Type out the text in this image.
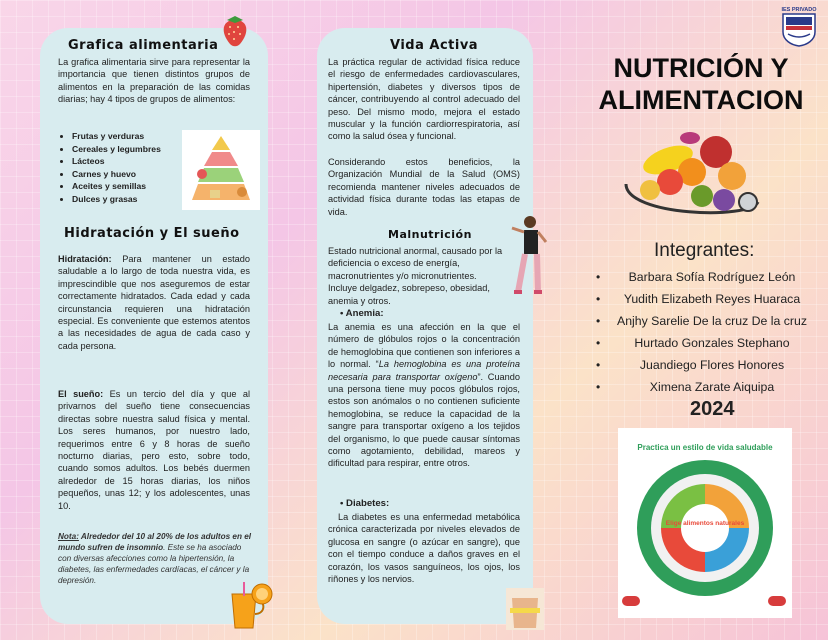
Grafica alimentaria
La grafica alimentaria sirve para representar la importancia que tienen distintos grupos de alimentos en la preparación de las comidas diarias; hay 4 tipos de grupos de alimentos:
• Frutas y verduras
• Cereales y legumbres
• Lácteos
• Carnes y huevo
• Aceites y semillas
• Dulces y grasas
Hidratación y El sueño
Hidratación: Para mantener un estado saludable a lo largo de toda nuestra vida, es imprescindible que nos aseguremos de estar correctamente hidratados. Cada edad y cada circunstancia requieren una hidratación especial. Es conveniente que estemos atentos a las necesidades de agua de cada caso y cada persona.
El sueño: Es un tercio del día y que al privarnos del sueño tiene consecuencias directas sobre nuestra salud física y mental. Los seres humanos, por nuestro lado, requerimos entre 6 y 8 horas de sueño nocturno diarias, pero esto, sobre todo, cuando somos adultos. Los bebés duermen alrededor de 15 horas diarias, los niños pequeños, unas 12; y los adolescentes, unas 10.
Nota: Alrededor del 10 al 20% de los adultos en el mundo sufren de insomnio. Este se ha asociado con diversas afecciones como la hipertensión, la diabetes, las enfermedades cardíacas, el cáncer y la depresión.
Vida Activa
La práctica regular de actividad física reduce el riesgo de enfermedades cardiovasculares, hipertensión, diabetes y diversos tipos de cáncer, contribuyendo al control adecuado del peso. Del mismo modo, mejora el estado muscular y la función cardiorrespiratoria, así como la salud ósea y funcional.
Considerando estos beneficios, la Organización Mundial de la Salud (OMS) recomienda mantener niveles adecuados de actividad física durante todas las etapas de vida.
Malnutrición
Estado nutricional anormal, causado por la deficiencia o exceso de energía, macronutrientes y/o micronutrientes. Incluye delgadez, sobrepeso, obesidad, anemia y otros.
• Anemia:
La anemia es una afección en la que el número de glóbulos rojos o la concentración de hemoglobina que contienen son inferiores a lo normal. “La hemoglobina es una proteína necesaria para transportar oxígeno”. Cuando una persona tiene muy pocos glóbulos rojos, estos son anómalos o no contienen suficiente hemoglobina, se reduce la capacidad de la sangre para transportar oxígeno a los tejidos del organismo, lo que puede causar síntomas como agotamiento, debilidad, mareos y dificultad para respirar, entre otros.
• Diabetes:
La diabetes es una enfermedad metabólica crónica caracterizada por niveles elevados de glucosa en sangre (o azúcar en sangre), que con el tiempo conduce a daños graves en el corazón, los vasos sanguíneos, los ojos, los riñones y los nervios.
IES PRIVADO
NUTRICIÓN Y ALIMENTACION
Integrantes:
• Barbara Sofía Rodríguez León
• Yudith Elizabeth Reyes Huaraca
• Anjhy Sarelie De la cruz De la cruz
• Hurtado Gonzales Stephano
• Juandiego Flores Honores
• Ximena Zarate Aiquipa
2024
Practica un estilo de vida saludable
Elige alimentos naturales
